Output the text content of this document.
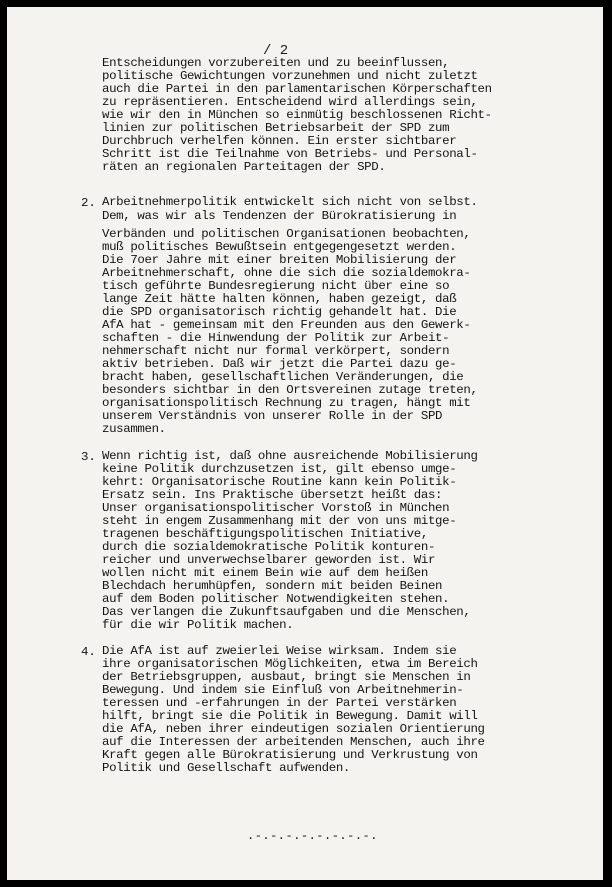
/ 2
Entscheidungen vorzubereiten und zu beeinflussen,
politische Gewichtungen vorzunehmen und nicht zuletzt
auch die Partei in den parlamentarischen Körperschaften
zu repräsentieren. Entscheidend wird allerdings sein,
wie wir den in München so einmütig beschlossenen Richt-
linien zur politischen Betriebsarbeit der SPD zum
Durchbruch verhelfen können. Ein erster sichtbarer
Schritt ist die Teilnahme von Betriebs- und Personal-
räten an regionalen Parteitagen der SPD.
2. Arbeitnehmerpolitik entwickelt sich nicht von selbst.
Dem, was wir als Tendenzen der Bürokratisierung in
Verbänden und politischen Organisationen beobachten,
muß politisches Bewußtsein entgegengesetzt werden.
Die 7oer Jahre mit einer breiten Mobilisierung der
Arbeitnehmerschaft, ohne die sich die sozialdemokra-
tisch geführte Bundesregierung nicht über eine so
lange Zeit hätte halten können, haben gezeigt, daß
die SPD organisatorisch richtig gehandelt hat. Die
AfA hat - gemeinsam mit den Freunden aus den Gewerk-
schaften - die Hinwendung der Politik zur Arbeit-
nehmerschaft nicht nur formal verkörpert, sondern
aktiv betrieben. Daß wir jetzt die Partei dazu ge-
bracht haben, gesellschaftlichen Veränderungen, die
besonders sichtbar in den Ortsvereinen zutage treten,
organisationspolitisch Rechnung zu tragen, hängt mit
unserem Verständnis von unserer Rolle in der SPD
zusammen.
3. Wenn richtig ist, daß ohne ausreichende Mobilisierung
keine Politik durchzusetzen ist, gilt ebenso umge-
kehrt: Organisatorische Routine kann kein Politik-
Ersatz sein. Ins Praktische übersetzt heißt das:
Unser organisationspolitischer Vorstoß in München
steht in engem Zusammenhang mit der von uns mitge-
tragenen beschäftigungspolitischen Initiative,
durch die sozialdemokratische Politik konturen-
reicher und unverwechselbarer geworden ist. Wir
wollen nicht mit einem Bein wie auf dem heißen
Blechdach herumhüpfen, sondern mit beiden Beinen
auf dem Boden politischer Notwendigkeiten stehen.
Das verlangen die Zukunftsaufgaben und die Menschen,
für die wir Politik machen.
4. Die AfA ist auf zweierlei Weise wirksam. Indem sie
ihre organisatorischen Möglichkeiten, etwa im Bereich
der Betriebsgruppen, ausbaut, bringt sie Menschen in
Bewegung. Und indem sie Einfluß von Arbeitnehmerin-
teressen und -erfahrungen in der Partei verstärken
hilft, bringt sie die Politik in Bewegung. Damit will
die AfA, neben ihrer eindeutigen sozialen Orientierung
auf die Interessen der arbeitenden Menschen, auch ihre
Kraft gegen alle Bürokratisierung und Verkrustung von
Politik und Gesellschaft aufwenden.
.-.-.-.-.-.-.-.-.
